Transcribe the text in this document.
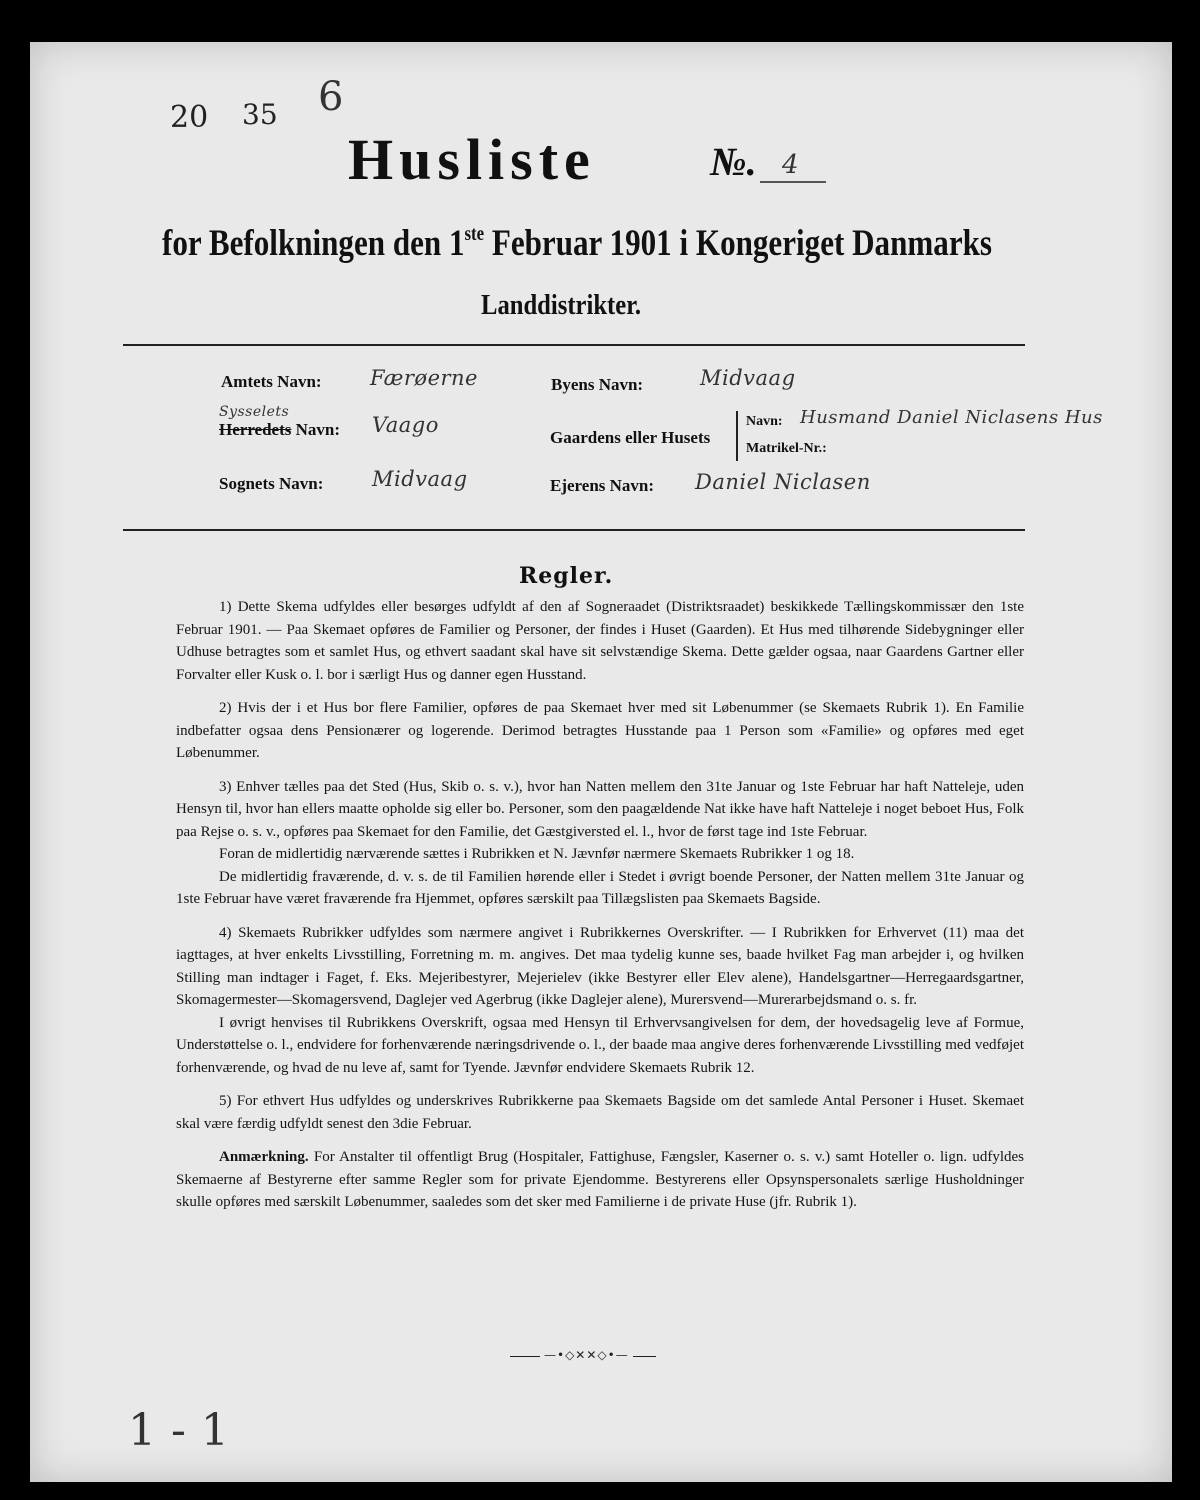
20 35 6
Husliste	№. 4
for Befolkningen den 1ste Februar 1901 i Kongeriget Danmarks
Landdistrikter.
Amtets Navn: Færøerne
Sysselets
Herredets Navn: Vaago
Sognets Navn: Midvaag
Byens Navn:	Midvaag
Gaardens eller Husets
Navn: Husmand Daniel Niclasens Hus
Matrikel-Nr.:
Ejerens Navn: Daniel Niclasen
Regler.

1) Dette Skema udfyldes eller besørges udfyldt af den af Sogneraadet (Distriktsraadet) beskikkede Tællingskommissær den 1ste Februar 1901. — Paa Skemaet opføres de Familier og Personer, der findes i Huset (Gaarden). Et Hus med tilhørende Sidebygninger eller Udhuse betragtes som et samlet Hus, og ethvert saadant skal have sit selvstændige Skema. Dette gælder ogsaa, naar Gaardens Gartner eller Forvalter eller Kusk o. l. bor i særligt Hus og danner egen Husstand.

2) Hvis der i et Hus bor flere Familier, opføres de paa Skemaet hver med sit Løbenummer (se Skemaets Rubrik 1). En Familie indbefatter ogsaa dens Pensionærer og logerende. Derimod betragtes Husstande paa 1 Person som «Familie» og opføres med eget Løbenummer.

3) Enhver tælles paa det Sted (Hus, Skib o. s. v.), hvor han Natten mellem den 31te Januar og 1ste Februar har haft Natteleje, uden Hensyn til, hvor han ellers maatte opholde sig eller bo. Personer, som den paagældende Nat ikke have haft Natteleje i noget beboet Hus, Folk paa Rejse o. s. v., opføres paa Skemaet for den Familie, det Gæstgiversted el. l., hvor de først tage ind 1ste Februar.

Foran de midlertidig nærværende sættes i Rubrikken et N. Jævnfør nærmere Skemaets Rubrikker 1 og 18.

De midlertidig fraværende, d. v. s. de til Familien hørende eller i Stedet i øvrigt boende Personer, der Natten mellem 31te Januar og 1ste Februar have været fraværende fra Hjemmet, opføres særskilt paa Tillægslisten paa Skemaets Bagside.

4) Skemaets Rubrikker udfyldes som nærmere angivet i Rubrikkernes Overskrifter. — I Rubrikken for Erhvervet (11) maa det iagttages, at hver enkelts Livsstilling, Forretning m. m. angives. Det maa tydelig kunne ses, baade hvilket Fag man arbejder i, og hvilken Stilling man indtager i Faget, f. Eks. Mejeribestyrer, Mejerielev (ikke Bestyrer eller Elev alene), Handelsgartner—Herregaardsgartner, Skomagermester—Skomagersvend, Daglejer ved Agerbrug (ikke Daglejer alene), Murersvend—Murerarbejdsmand o. s. fr.

I øvrigt henvises til Rubrikkens Overskrift, ogsaa med Hensyn til Erhvervsangivelsen for dem, der hovedsagelig leve af Formue, Understøttelse o. l., endvidere for forhenværende næringsdrivende o. l., der baade maa angive deres forhenværende Livsstilling med vedføjet forhenværende, og hvad de nu leve af, samt for Tyende. Jævnfør endvidere Skemaets Rubrik 12.

5) For ethvert Hus udfyldes og underskrives Rubrikkerne paa Skemaets Bagside om det samlede Antal Personer i Huset. Skemaet skal være færdig udfyldt senest den 3die Februar.

Anmærkning. For Anstalter til offentligt Brug (Hospitaler, Fattighuse, Fængsler, Kaserner o. s. v.) samt Hoteller o. lign. udfyldes Skemaerne af Bestyrerne efter samme Regler som for private Ejendomme. Bestyrerens eller Opsynspersonalets særlige Husholdninger skulle opføres med særskilt Løbenummer, saaledes som det sker med Familierne i de private Huse (jfr. Rubrik 1).

—•◇✕✕◇•—
1 - 1
